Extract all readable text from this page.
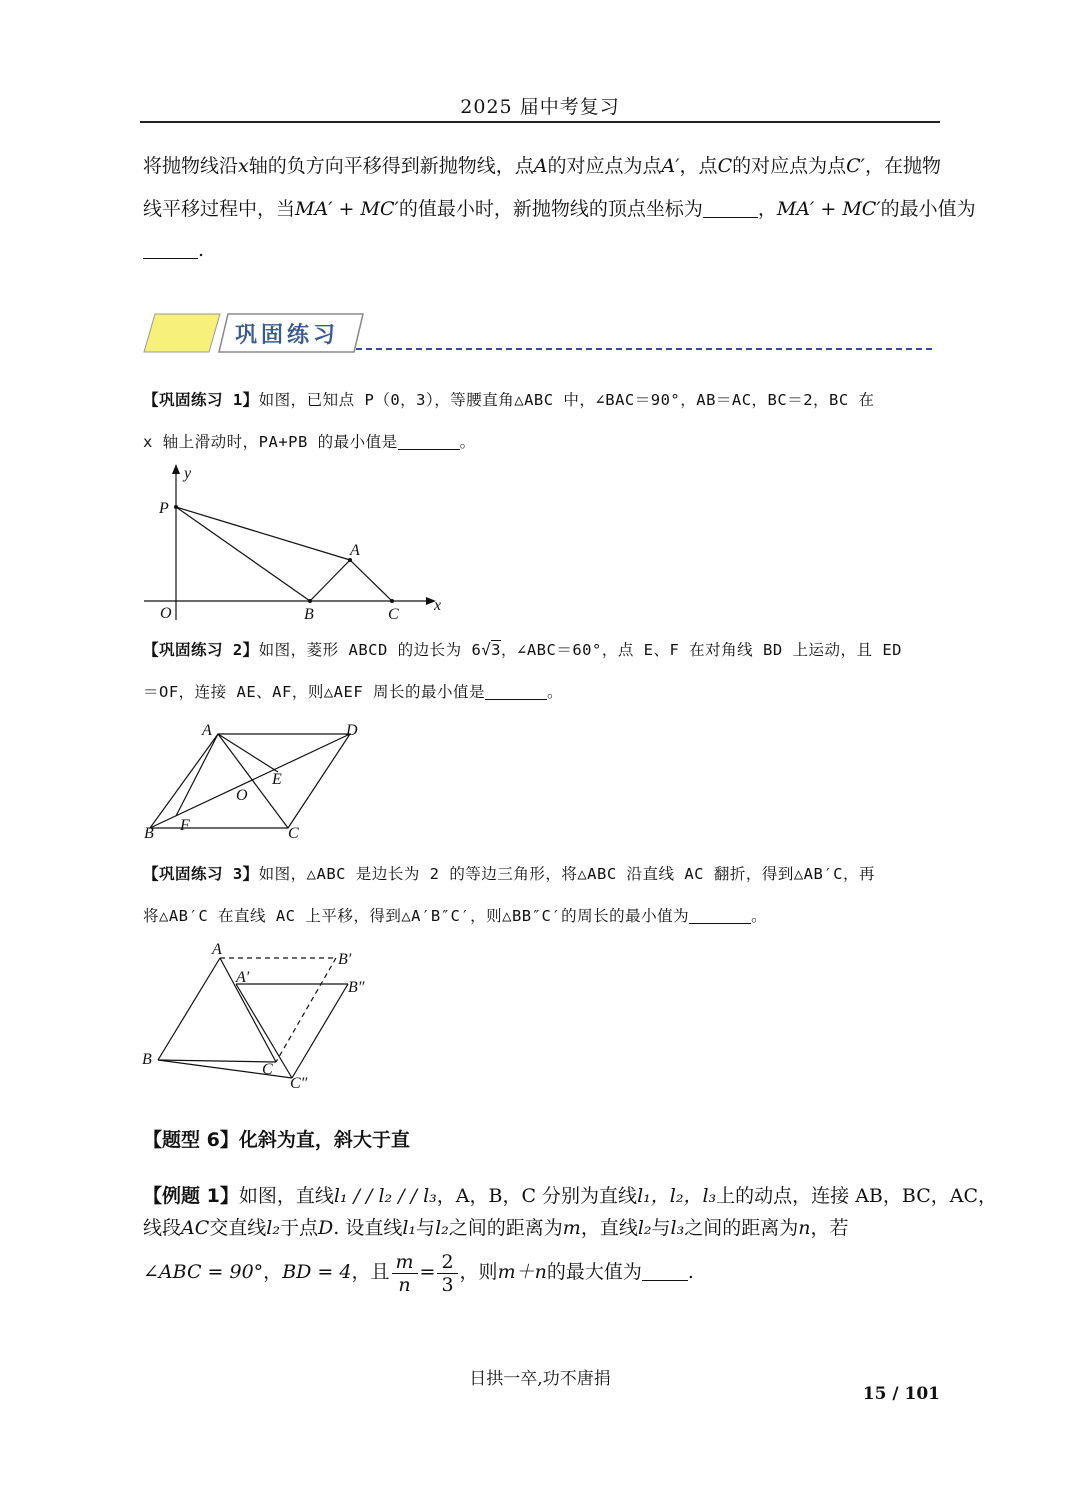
2025 届中考复习
将抛物线沿x轴的负方向平移得到新抛物线，点A的对应点为点A′，点C的对应点为点C′，在抛物
线平移过程中，当MA′ + MC′的值最小时，新抛物线的顶点坐标为	，MA′ + MC′的最小值为
.
巩固练习
【巩固练习 1】如图，已知点 P（0，3），等腰直角△ABC 中，∠BAC＝90°，AB＝AC，BC＝2，BC 在
x 轴上滑动时，PA+PB 的最小值是	。
y
P
A
O	B	C
x
【巩固练习 2】如图，菱形 ABCD 的边长为 6√3，∠ABC＝60°，点 E、F 在对角线 BD 上运动，且 ED
＝OF，连接 AE、AF，则△AEF 周长的最小值是	。
A	D
E
O
B F	C
【巩固练习 3】如图，△ABC 是边长为 2 的等边三角形，将△ABC 沿直线 AC 翻折，得到△AB′C，再
将△AB′C 在直线 AC 上平移，得到△A′B″C′，则△BB″C′的周长的最小值为	。
A
B′
A′
B″
B
C
C″
【题型 6】化斜为直，斜大于直
【例题 1】如图，直线l₁ / / l₂ / / l₃，A，B，C 分别为直线l₁，l₂，l₃上的动点，连接 AB，BC，AC，
线段AC交直线l₂于点D. 设直线l₁与l₂之间的距离为m，直线l₂与l₃之间的距离为n，若
∠ABC = 90°，BD = 4，且 $\frac{m}{n} = \frac{2}{3}$ ，则m＋n的最大值为 .
日拱一卒,功不唐捐
15 / 101
